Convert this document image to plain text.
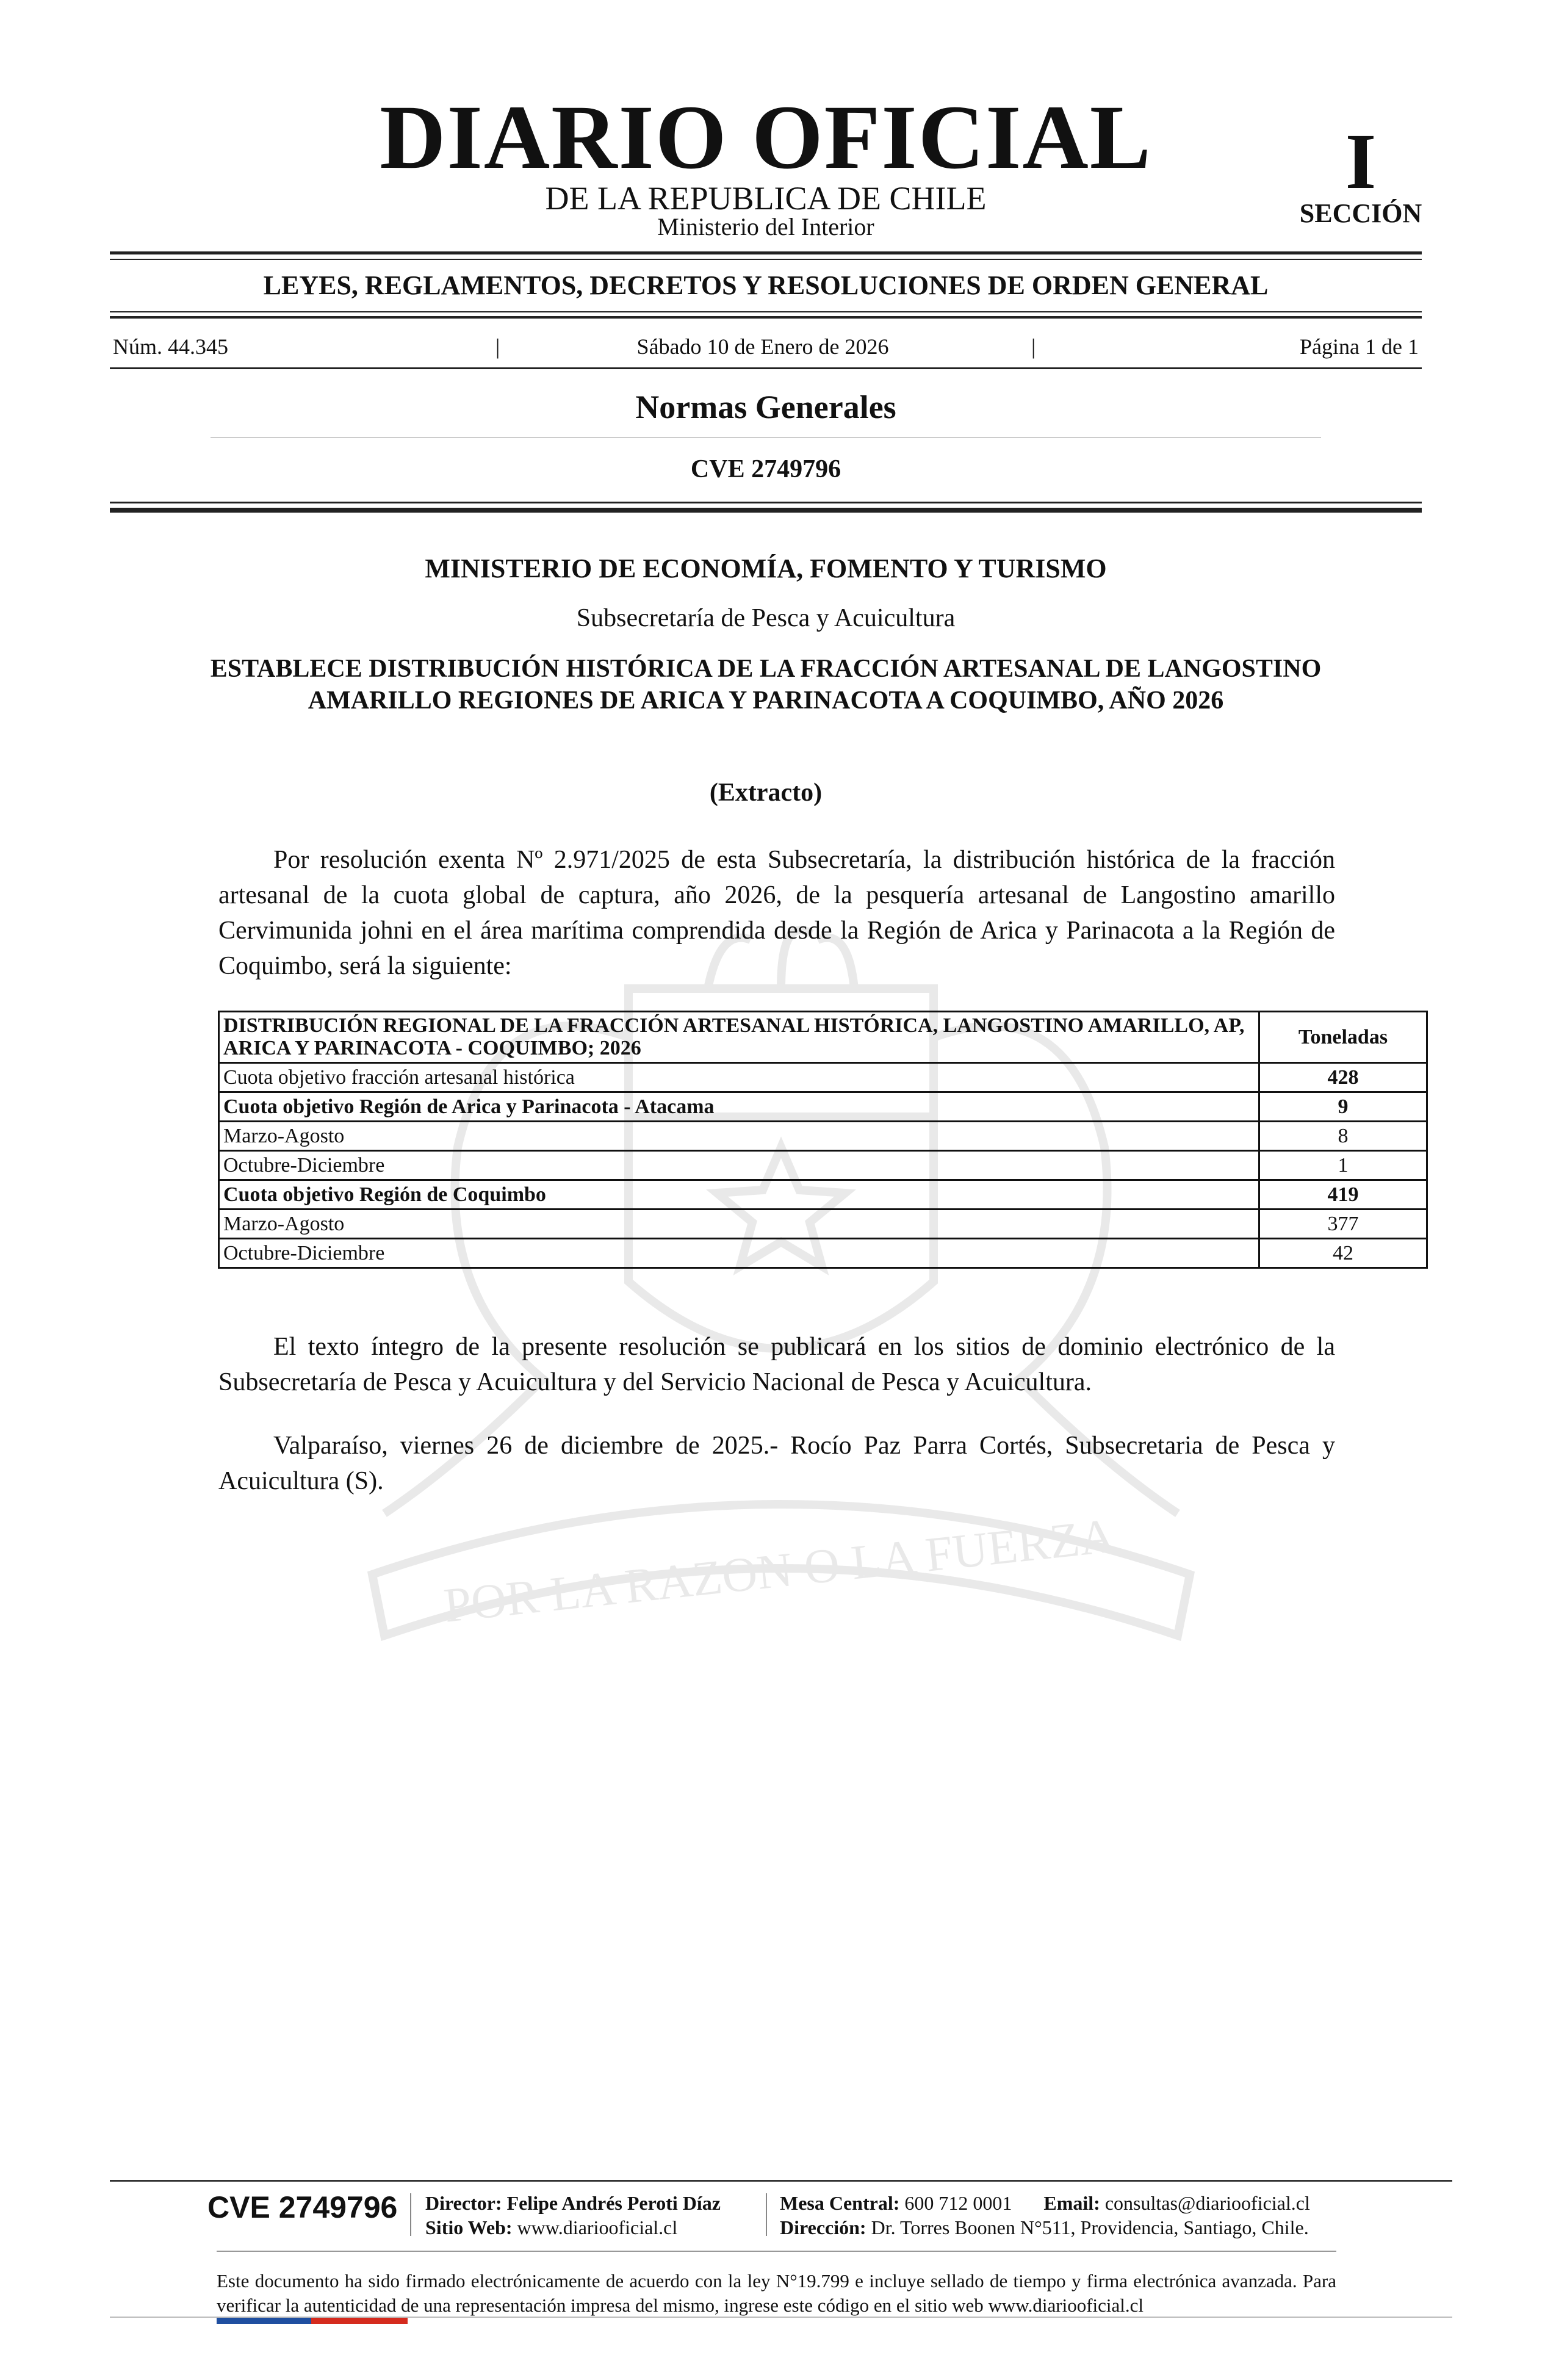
POR LA RAZON O LA FUERZA
DIARIO OFICIAL
DE LA REPUBLICA DE CHILE
Ministerio del Interior
I
SECCIÓN
LEYES, REGLAMENTOS, DECRETOS Y RESOLUCIONES DE ORDEN GENERAL
Núm. 44.345	|	Sábado 10 de Enero de 2026	|	Página 1 de 1
Normas Generales
CVE 2749796
MINISTERIO DE ECONOMÍA, FOMENTO Y TURISMO
Subsecretaría de Pesca y Acuicultura
ESTABLECE DISTRIBUCIÓN HISTÓRICA DE LA FRACCIÓN ARTESANAL DE LANGOSTINO AMARILLO REGIONES DE ARICA Y PARINACOTA A COQUIMBO, AÑO 2026
(Extracto)
Por resolución exenta Nº 2.971/2025 de esta Subsecretaría, la distribución histórica de la fracción artesanal de la cuota global de captura, año 2026, de la pesquería artesanal de Langostino amarillo Cervimunida johni en el área marítima comprendida desde la Región de Arica y Parinacota a la Región de Coquimbo, será la siguiente:
DISTRIBUCIÓN REGIONAL DE LA FRACCIÓN ARTESANAL HISTÓRICA, LANGOSTINO AMARILLO, AP, ARICA Y PARINACOTA - COQUIMBO; 2026	Toneladas
Cuota objetivo fracción artesanal histórica	428
Cuota objetivo Región de Arica y Parinacota - Atacama	9
Marzo-Agosto	8
Octubre-Diciembre	1
Cuota objetivo Región de Coquimbo	419
Marzo-Agosto	377
Octubre-Diciembre	42
El texto íntegro de la presente resolución se publicará en los sitios de dominio electrónico de la Subsecretaría de Pesca y Acuicultura y del Servicio Nacional de Pesca y Acuicultura.
Valparaíso, viernes 26 de diciembre de 2025.- Rocío Paz Parra Cortés, Subsecretaria de Pesca y Acuicultura (S).
CVE 2749796 Director: Felipe Andrés Peroti Díaz
Sitio Web: www.diariooficial.cl
Mesa Central: 600 712 0001 Email: consultas@diariooficial.cl
Dirección: Dr. Torres Boonen N°511, Providencia, Santiago, Chile.
Este documento ha sido firmado electrónicamente de acuerdo con la ley N°19.799 e incluye sellado de tiempo y firma electrónica avanzada. Para verificar la autenticidad de una representación impresa del mismo, ingrese este código en el sitio web www.diariooficial.cl
